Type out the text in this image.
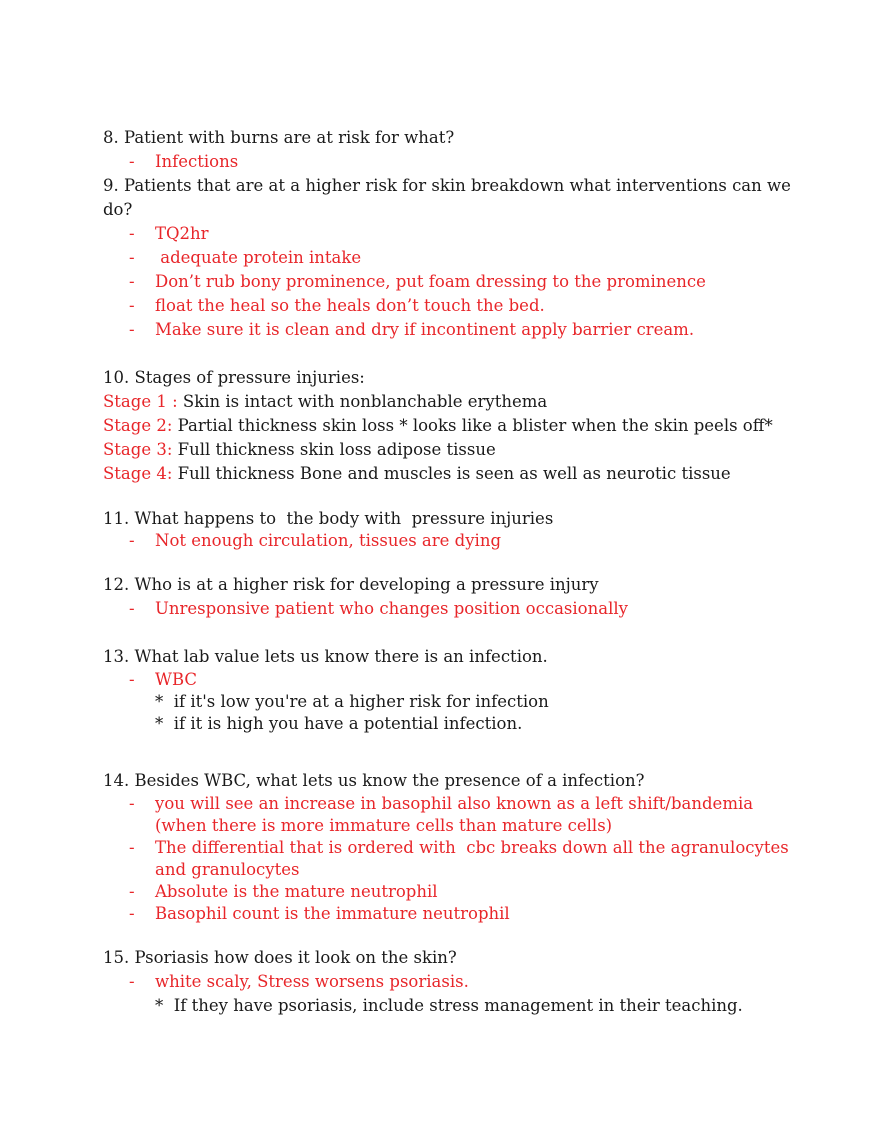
8. Patient with burns are at risk for what?
- Infections
9. Patients that are at a higher risk for skin breakdown what interventions can we
do?
- TQ2hr
- adequate protein intake
- Don’t rub bony prominence, put foam dressing to the prominence
- float the heal so the heals don’t touch the bed.
- Make sure it is clean and dry if incontinent apply barrier cream.
10. Stages of pressure injuries:
Stage 1 : Skin is intact with nonblanchable erythema
Stage 2: Partial thickness skin loss * looks like a blister when the skin peels off*
Stage 3: Full thickness skin loss adipose tissue
Stage 4: Full thickness Bone and muscles is seen as well as neurotic tissue
11. What happens to  the body with  pressure injuries
- Not enough circulation, tissues are dying
12. Who is at a higher risk for developing a pressure injury
- Unresponsive patient who changes position occasionally
13. What lab value lets us know there is an infection.
- WBC
*  if it's low you're at a higher risk for infection
*  if it is high you have a potential infection.
14. Besides WBC, what lets us know the presence of a infection?
- you will see an increase in basophil also known as a left shift/bandemia
(when there is more immature cells than mature cells)
- The differential that is ordered with  cbc breaks down all the agranulocytes
and granulocytes
- Absolute is the mature neutrophil
- Basophil count is the immature neutrophil
15. Psoriasis how does it look on the skin?
- white scaly, Stress worsens psoriasis.
*  If they have psoriasis, include stress management in their teaching.
